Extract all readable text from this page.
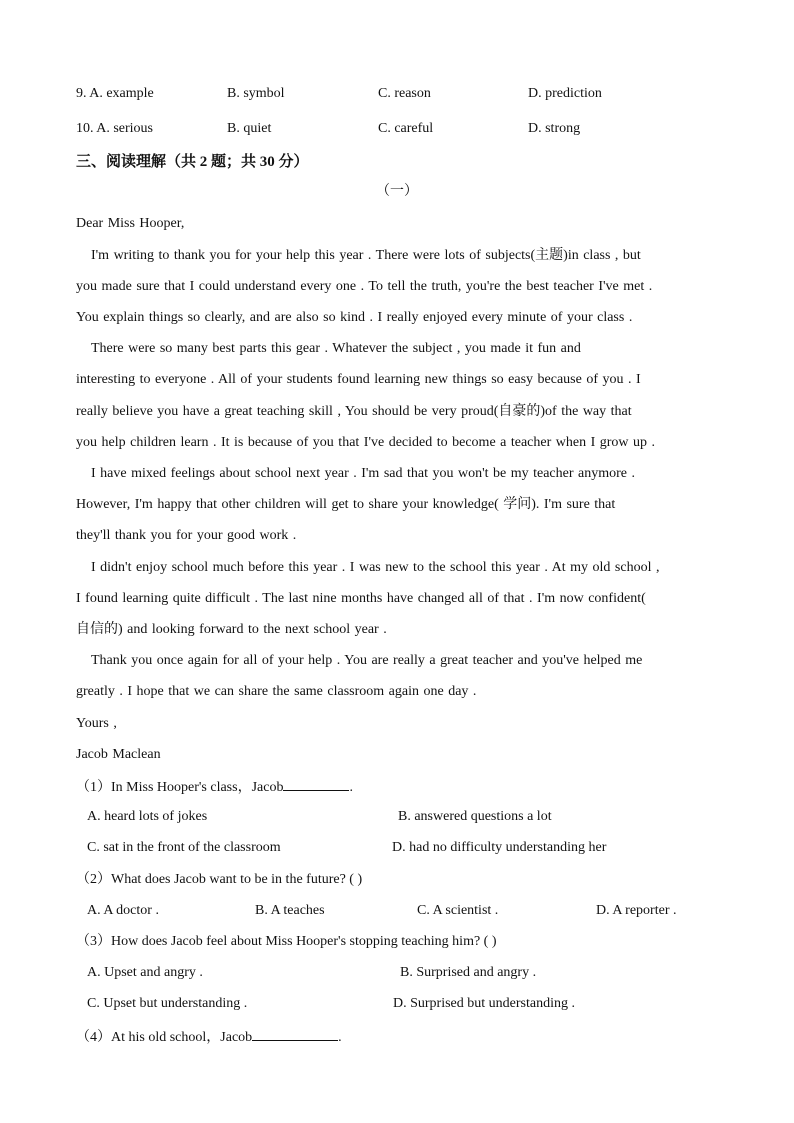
9. A. example	B. symbol	C. reason	D. prediction
10. A. serious	B. quiet	C. careful	D. strong
三、阅读理解（共 2 题；共 30 分）
（一）
Dear Miss Hooper,
I'm writing to thank you for your help this year . There were lots of subjects(主题)in class , but
you made sure that I could understand every one . To tell the truth, you're the best teacher I've met .
You explain things so clearly, and are also so kind . I really enjoyed every minute of your class .
There were so many best parts this gear . Whatever the subject , you made it fun and
interesting to everyone . All of your students found learning new things so easy because of you . I
really believe you have a great teaching skill , You should be very proud(自豪的)of the way that
you help children learn . It is because of you that I've decided to become a teacher when I grow up .
I have mixed feelings about school next year . I'm sad that you won't be my teacher anymore .
However, I'm happy that other children will get to share your knowledge( 学问). I'm sure that
they'll thank you for your good work .
I didn't enjoy school much before this year . I was new to the school this year . At my old school ,
I found learning quite difficult . The last nine months have changed all of that . I'm now confident(
自信的) and looking forward to the next school year .
Thank you once again for all of your help . You are really a great teacher and you've helped me
greatly . I hope that we can share the same classroom again one day .
Yours ,
Jacob Maclean
（1）In Miss Hooper's class，Jacob	.
A. heard lots of jokes	B. answered questions a lot
C. sat in the front of the classroom	D. had no difficulty understanding her
（2）What does Jacob want to be in the future? ( )
A. A doctor .	B. A teaches	C. A scientist .	D. A reporter .
（3）How does Jacob feel about Miss Hooper's stopping teaching him? ( )
A. Upset and angry .	B. Surprised and angry .
C. Upset but understanding .	D. Surprised but understanding .
（4）At his old school，Jacob	.
